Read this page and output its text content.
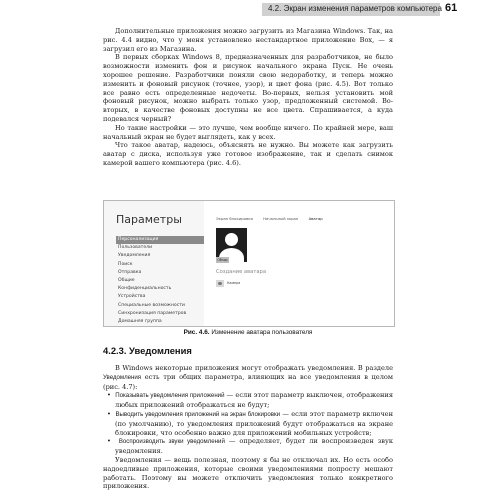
4.2. Экран изменения параметров компьютера 61

Дополнительные приложения можно загрузить из Магазина Windows. Так, на рис. 4.4 видно, что у меня установлено нестандартное приложение Box, — я загрузил его из Магазина.

В первых сборках Windows 8, предназначенных для разработчиков, не было возможности изменить фон и рисунок начального экрана Пуск. Не очень хорошее решение. Разработчики поняли свою недоработку, и теперь можно изменить и фоновый рисунок (точнее, узор), и цвет фона (рис. 4.5). Вот только все равно есть определенные недочеты. Во-первых, нельзя установить мой фоновый рисунок, можно выбрать только узор, предложенный системой. Во-вторых, в качестве фоновых доступны не все цвета. Спрашивается, а куда подевался черный?

Но такие настройки — это лучше, чем вообще ничего. По крайней мере, ваш начальный экран не будет выглядеть, как у всех.

Что такое аватар, надеюсь, объяснять не нужно. Вы можете как загрузить аватар с диска, используя уже готовое изображение, так и сделать снимок камерой вашего компьютера (рис. 4.6).

Параметры
Персонализация
Пользователи
Уведомления
Поиск
Отправка
Общие
Конфиденциальность
Устройства
Специальные возможности
Синхронизация параметров
Домашняя группа
Экран блокировки	Начальный экран	Аватар
Обзор
Создание аватара
Камера
Рис. 4.6. Изменение аватара пользователя
4.2.3. Уведомления

В Windows некоторые приложения могут отображать уведомления. В разделе Уведомления есть три общих параметра, влияющих на все уведомления в целом (рис. 4.7):

•  Показывать уведомления приложений — если этот параметр выключен, отображения любых приложений отображаться не будут;

•  Выводить уведомления приложений на экран блокировки — если этот параметр включен (по умолчанию), то уведомления приложений будут отображаться на экране блокировки, что особенно важно для приложений мобильных устройств;

•  Воспроизводить звуки уведомлений — определяет, будет ли воспроизведен звук уведомления.

Уведомления — вещь полезная, поэтому я бы не отключал их. Но есть особо надоедливые приложения, которые своими уведомлениями попросту мешают работать. Поэтому вы можете отключить уведомления только конкретного приложения.
